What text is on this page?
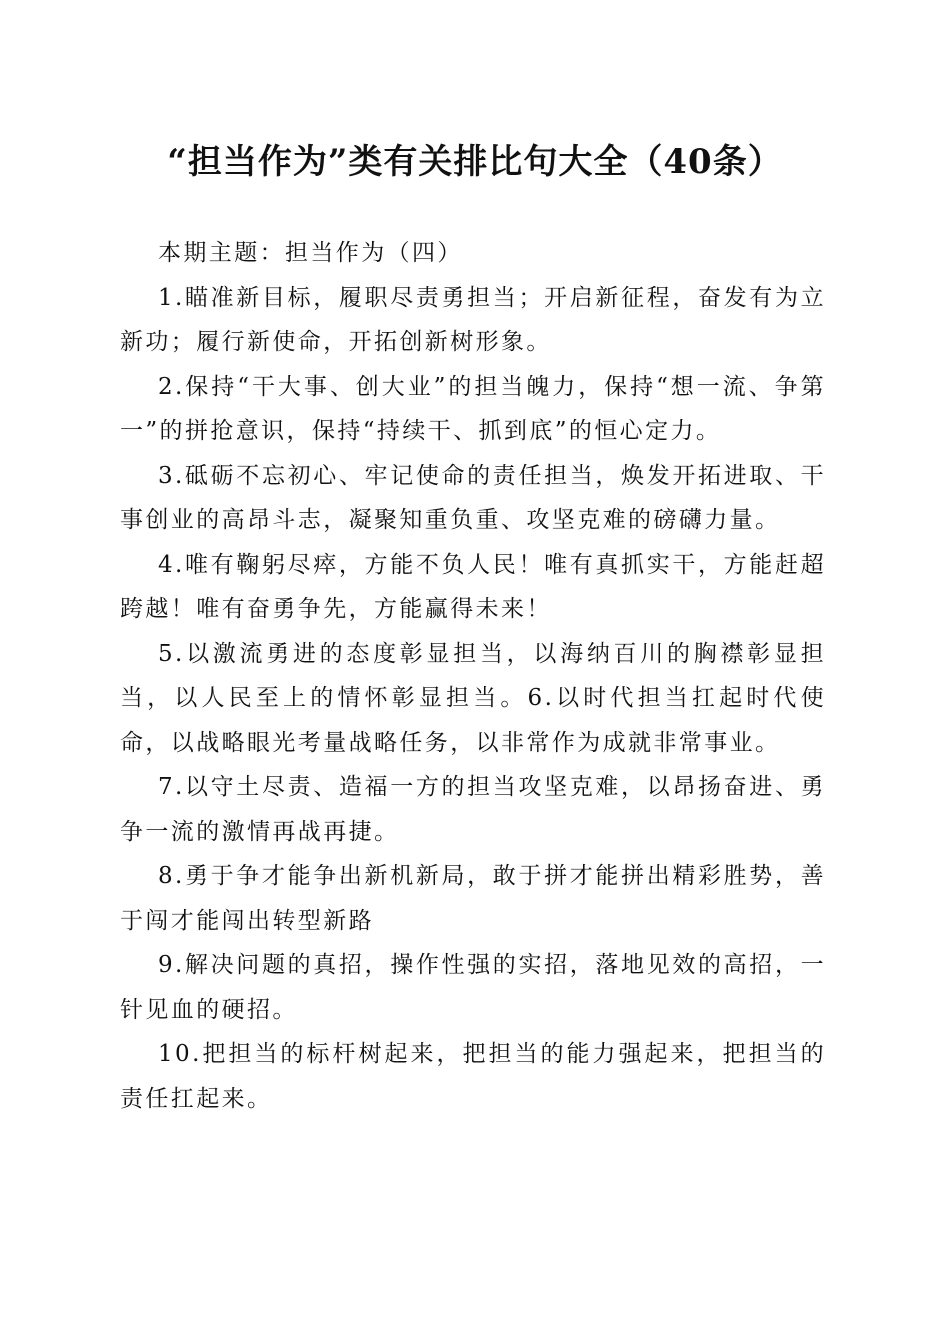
“担当作为”类有关排比句大全（40条）

本期主题：担当作为（四）

1.瞄准新目标，履职尽责勇担当；开启新征程，奋发有为立新功；履行新使命，开拓创新树形象。

2.保持“干大事、创大业”的担当魄力，保持“想一流、争第一”的拼抢意识，保持“持续干、抓到底”的恒心定力。

3.砥砺不忘初心、牢记使命的责任担当，焕发开拓进取、干事创业的高昂斗志，凝聚知重负重、攻坚克难的磅礴力量。

4.唯有鞠躬尽瘁，方能不负人民！唯有真抓实干，方能赶超跨越！唯有奋勇争先，方能赢得未来！

5.以激流勇进的态度彰显担当，以海纳百川的胸襟彰显担当，以人民至上的情怀彰显担当。6.以时代担当扛起时代使命，以战略眼光考量战略任务，以非常作为成就非常事业。

7.以守土尽责、造福一方的担当攻坚克难，以昂扬奋进、勇争一流的激情再战再捷。

8.勇于争才能争出新机新局，敢于拼才能拼出精彩胜势，善于闯才能闯出转型新路

9.解决问题的真招，操作性强的实招，落地见效的高招，一针见血的硬招。

10.把担当的标杆树起来，把担当的能力强起来，把担当的责任扛起来。
